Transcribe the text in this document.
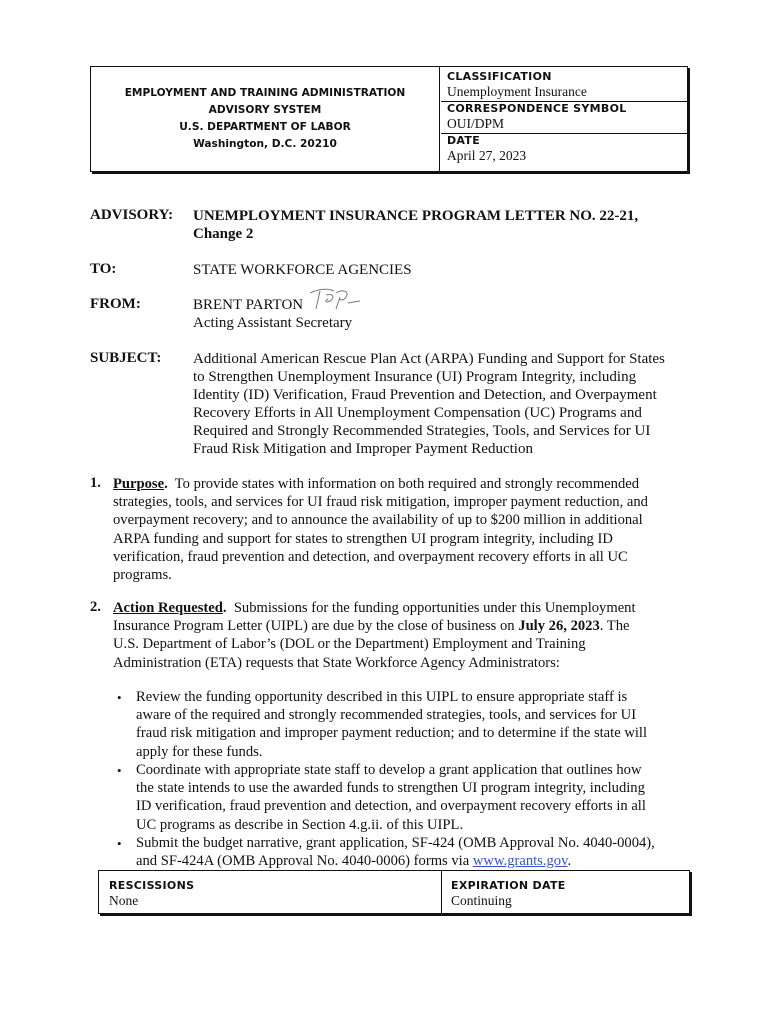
EMPLOYMENT AND TRAINING ADMINISTRATION
ADVISORY SYSTEM
U.S. DEPARTMENT OF LABOR
Washington, D.C. 20210
CLASSIFICATION
Unemployment Insurance
CORRESPONDENCE SYMBOL
OUI/DPM
DATE
April 27, 2023
ADVISORY: UNEMPLOYMENT INSURANCE PROGRAM LETTER NO. 22-21,
Change 2
TO:	STATE WORKFORCE AGENCIES
FROM:	BRENT PARTON
Acting Assistant Secretary
SUBJECT: Additional American Rescue Plan Act (ARPA) Funding and Support for States
to Strengthen Unemployment Insurance (UI) Program Integrity, including
Identity (ID) Verification, Fraud Prevention and Detection, and Overpayment
Recovery Efforts in All Unemployment Compensation (UC) Programs and
Required and Strongly Recommended Strategies, Tools, and Services for UI
Fraud Risk Mitigation and Improper Payment Reduction
1. Purpose. To provide states with information on both required and strongly recommended
strategies, tools, and services for UI fraud risk mitigation, improper payment reduction, and
overpayment recovery; and to announce the availability of up to $200 million in additional
ARPA funding and support for states to strengthen UI program integrity, including ID
verification, fraud prevention and detection, and overpayment recovery efforts in all UC
programs.
2. Action Requested. Submissions for the funding opportunities under this Unemployment
Insurance Program Letter (UIPL) are due by the close of business on July 26, 2023. The
U.S. Department of Labor’s (DOL or the Department) Employment and Training
Administration (ETA) requests that State Workforce Agency Administrators:
• Review the funding opportunity described in this UIPL to ensure appropriate staff is
aware of the required and strongly recommended strategies, tools, and services for UI
fraud risk mitigation and improper payment reduction; and to determine if the state will
apply for these funds.
• Coordinate with appropriate state staff to develop a grant application that outlines how
the state intends to use the awarded funds to strengthen UI program integrity, including
ID verification, fraud prevention and detection, and overpayment recovery efforts in all
UC programs as describe in Section 4.g.ii. of this UIPL.
• Submit the budget narrative, grant application, SF-424 (OMB Approval No. 4040-0004),
and SF-424A (OMB Approval No. 4040-0006) forms via www.grants.gov.
RESCISSIONS
None
EXPIRATION DATE
Continuing
